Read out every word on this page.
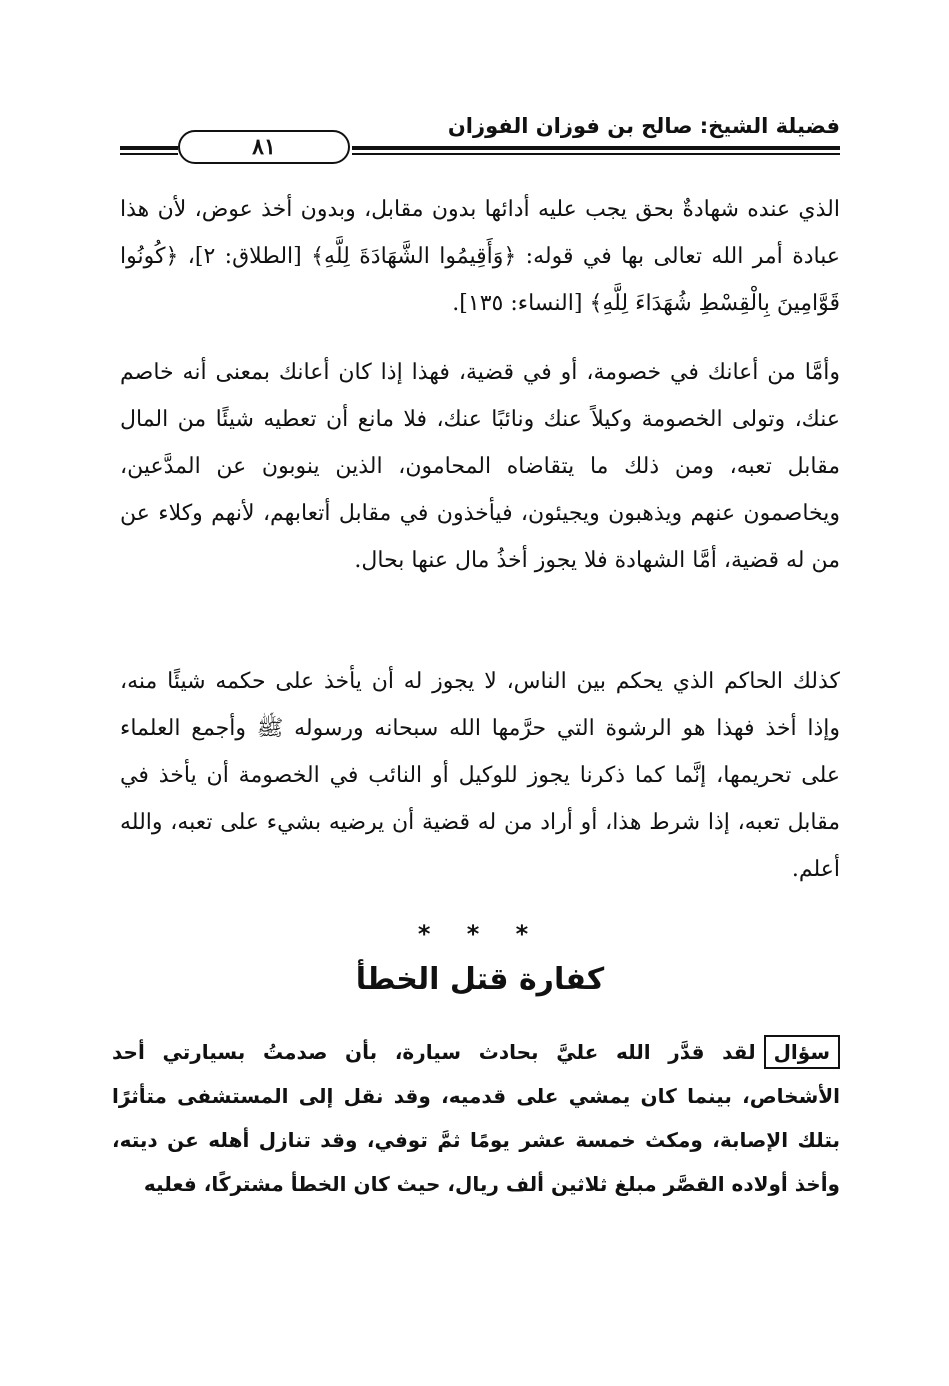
فضيلة الشيخ: صالح بن فوزان الفوزان
٨١

الذي عنده شهادةٌ بحق يجب عليه أدائها بدون مقابل، وبدون أخذ عوض، لأن هذا عبادة أمر الله تعالى بها في قوله: ﴿وَأَقِيمُوا الشَّهَادَةَ لِلَّهِ﴾ [الطلاق: ٢]، ﴿كُونُوا قَوَّامِينَ بِالْقِسْطِ شُهَدَاءَ لِلَّهِ﴾ [النساء: ١٣٥].

وأمَّا من أعانك في خصومة، أو في قضية، فهذا إذا كان أعانك بمعنى أنه خاصم عنك، وتولى الخصومة وكيلاً عنك ونائبًا عنك، فلا مانع أن تعطيه شيئًا من المال مقابل تعبه، ومن ذلك ما يتقاضاه المحامون، الذين ينوبون عن المدَّعين، ويخاصمون عنهم ويذهبون ويجيئون، فيأخذون في مقابل أتعابهم، لأنهم وكلاء عن من له قضية، أمَّا الشهادة فلا يجوز أخذُ مال عنها بحال.

كذلك الحاكم الذي يحكم بين الناس، لا يجوز له أن يأخذ على حكمه شيئًا منه، وإذا أخذ فهذا هو الرشوة التي حرَّمها الله سبحانه ورسوله ﷺ وأجمع العلماء على تحريمها، إنَّما كما ذكرنا يجوز للوكيل أو النائب في الخصومة أن يأخذ في مقابل تعبه، إذا شرط هذا، أو أراد من له قضية أن يرضيه بشيء على تعبه، والله أعلم.

* * *
كفارة قتل الخطأ

سؤاللقد قدَّر الله عليَّ بحادث سيارة، بأن صدمتُ بسيارتي أحد الأشخاص، بينما كان يمشي على قدميه، وقد نقل إلى المستشفى متأثرًا بتلك الإصابة، ومكث خمسة عشر يومًا ثمَّ توفي، وقد تنازل أهله عن ديته، وأخذ أولاده القصَّر مبلغ ثلاثين ألف ريال، حيث كان الخطأ مشتركًا، فعليه
